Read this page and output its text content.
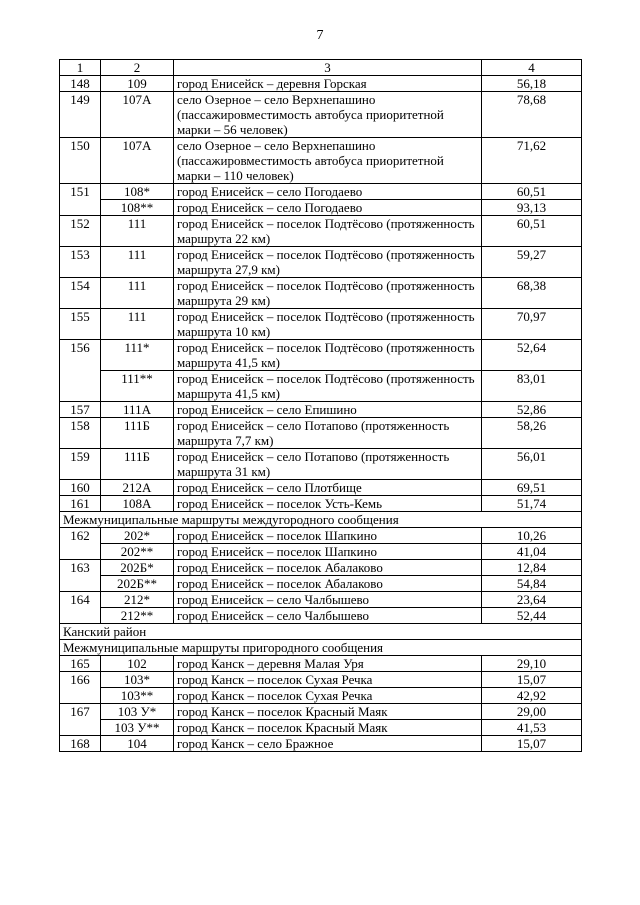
7
1	2	3	4
148	109	город Енисейск – деревня Горская	56,18
149	107А	село Озерное – село Верхнепашино (пассажировместимость автобуса приоритетной марки – 56 человек)	78,68
150	107А	село Озерное – село Верхнепашино (пассажировместимость автобуса приоритетной марки – 110 человек)	71,62
151	108*	город Енисейск – село Погодаево	60,51
	108**	город Енисейск – село Погодаево	93,13
152	111	город Енисейск – поселок Подтёсово (протяженность маршрута 22 км)	60,51
153	111	город Енисейск – поселок Подтёсово (протяженность маршрута 27,9 км)	59,27
154	111	город Енисейск – поселок Подтёсово (протяженность маршрута 29 км)	68,38
155	111	город Енисейск – поселок Подтёсово (протяженность маршрута 10 км)	70,97
156	111*	город Енисейск – поселок Подтёсово (протяженность маршрута 41,5 км)	52,64
	111**	город Енисейск – поселок Подтёсово (протяженность маршрута 41,5 км)	83,01
157	111А	город Енисейск – село Епишино	52,86
158	111Б	город Енисейск – село Потапово (протяженность маршрута 7,7 км)	58,26
159	111Б	город Енисейск – село Потапово (протяженность маршрута 31 км)	56,01
160	212А	город Енисейск – село Плотбище	69,51
161	108А	город Енисейск – поселок Усть-Кемь	51,74
Межмуниципальные маршруты междугородного сообщения			
162	202*	город Енисейск – поселок Шапкино	10,26
	202**	город Енисейск – поселок Шапкино	41,04
163	202Б*	город Енисейск – поселок Абалаково	12,84
	202Б**	город Енисейск – поселок Абалаково	54,84
164	212*	город Енисейск – село Чалбышево	23,64
	212**	город Енисейск – село Чалбышево	52,44
Канский район			
Межмуниципальные маршруты пригородного сообщения			
165	102	город Канск – деревня Малая Уря	29,10
166	103*	город Канск – поселок Сухая Речка	15,07
	103**	город Канск – поселок Сухая Речка	42,92
167	103 У*	город Канск – поселок Красный Маяк	29,00
	103 У**	город Канск – поселок Красный Маяк	41,53
168	104	город Канск – село Бражное	15,07
